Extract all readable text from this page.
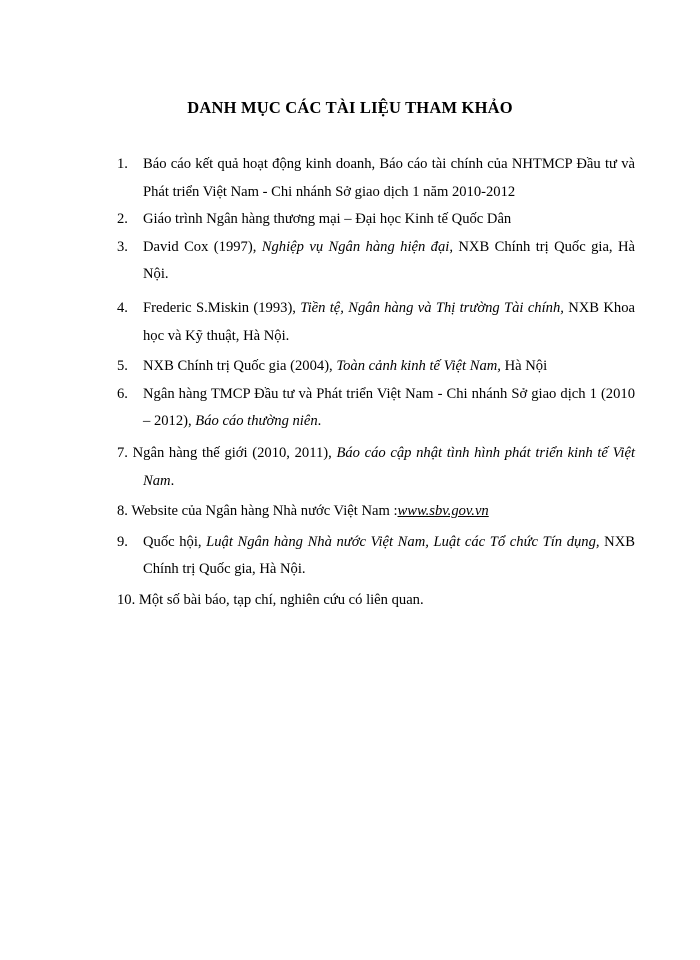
DANH MỤC CÁC TÀI LIỆU THAM KHẢO
1. Báo cáo kết quả hoạt động kinh doanh, Báo cáo tài chính của NHTMCP Đầu tư và Phát triển Việt Nam - Chi nhánh Sở giao dịch 1 năm 2010-2012
2. Giáo trình Ngân hàng thương mại – Đại học Kinh tế Quốc Dân
3. David Cox (1997), Nghiệp vụ Ngân hàng hiện đại, NXB Chính trị Quốc gia, Hà Nội.
4. Frederic S.Miskin (1993), Tiền tệ, Ngân hàng và Thị trường Tài chính, NXB Khoa học và Kỹ thuật, Hà Nội.
5. NXB Chính trị Quốc gia (2004), Toàn cảnh kinh tế Việt Nam, Hà Nội
6. Ngân hàng TMCP Đầu tư và Phát triển Việt Nam - Chi nhánh Sở giao dịch 1 (2010 – 2012), Báo cáo thường niên.
7. Ngân hàng thế giới (2010, 2011), Báo cáo cập nhật tình hình phát triển kinh tế Việt Nam.
8. Website của Ngân hàng Nhà nước Việt Nam :www.sbv.gov.vn
9. Quốc hội, Luật Ngân hàng Nhà nước Việt Nam, Luật các Tổ chức Tín dụng, NXB Chính trị Quốc gia, Hà Nội.
10. Một số bài báo, tạp chí, nghiên cứu có liên quan.
